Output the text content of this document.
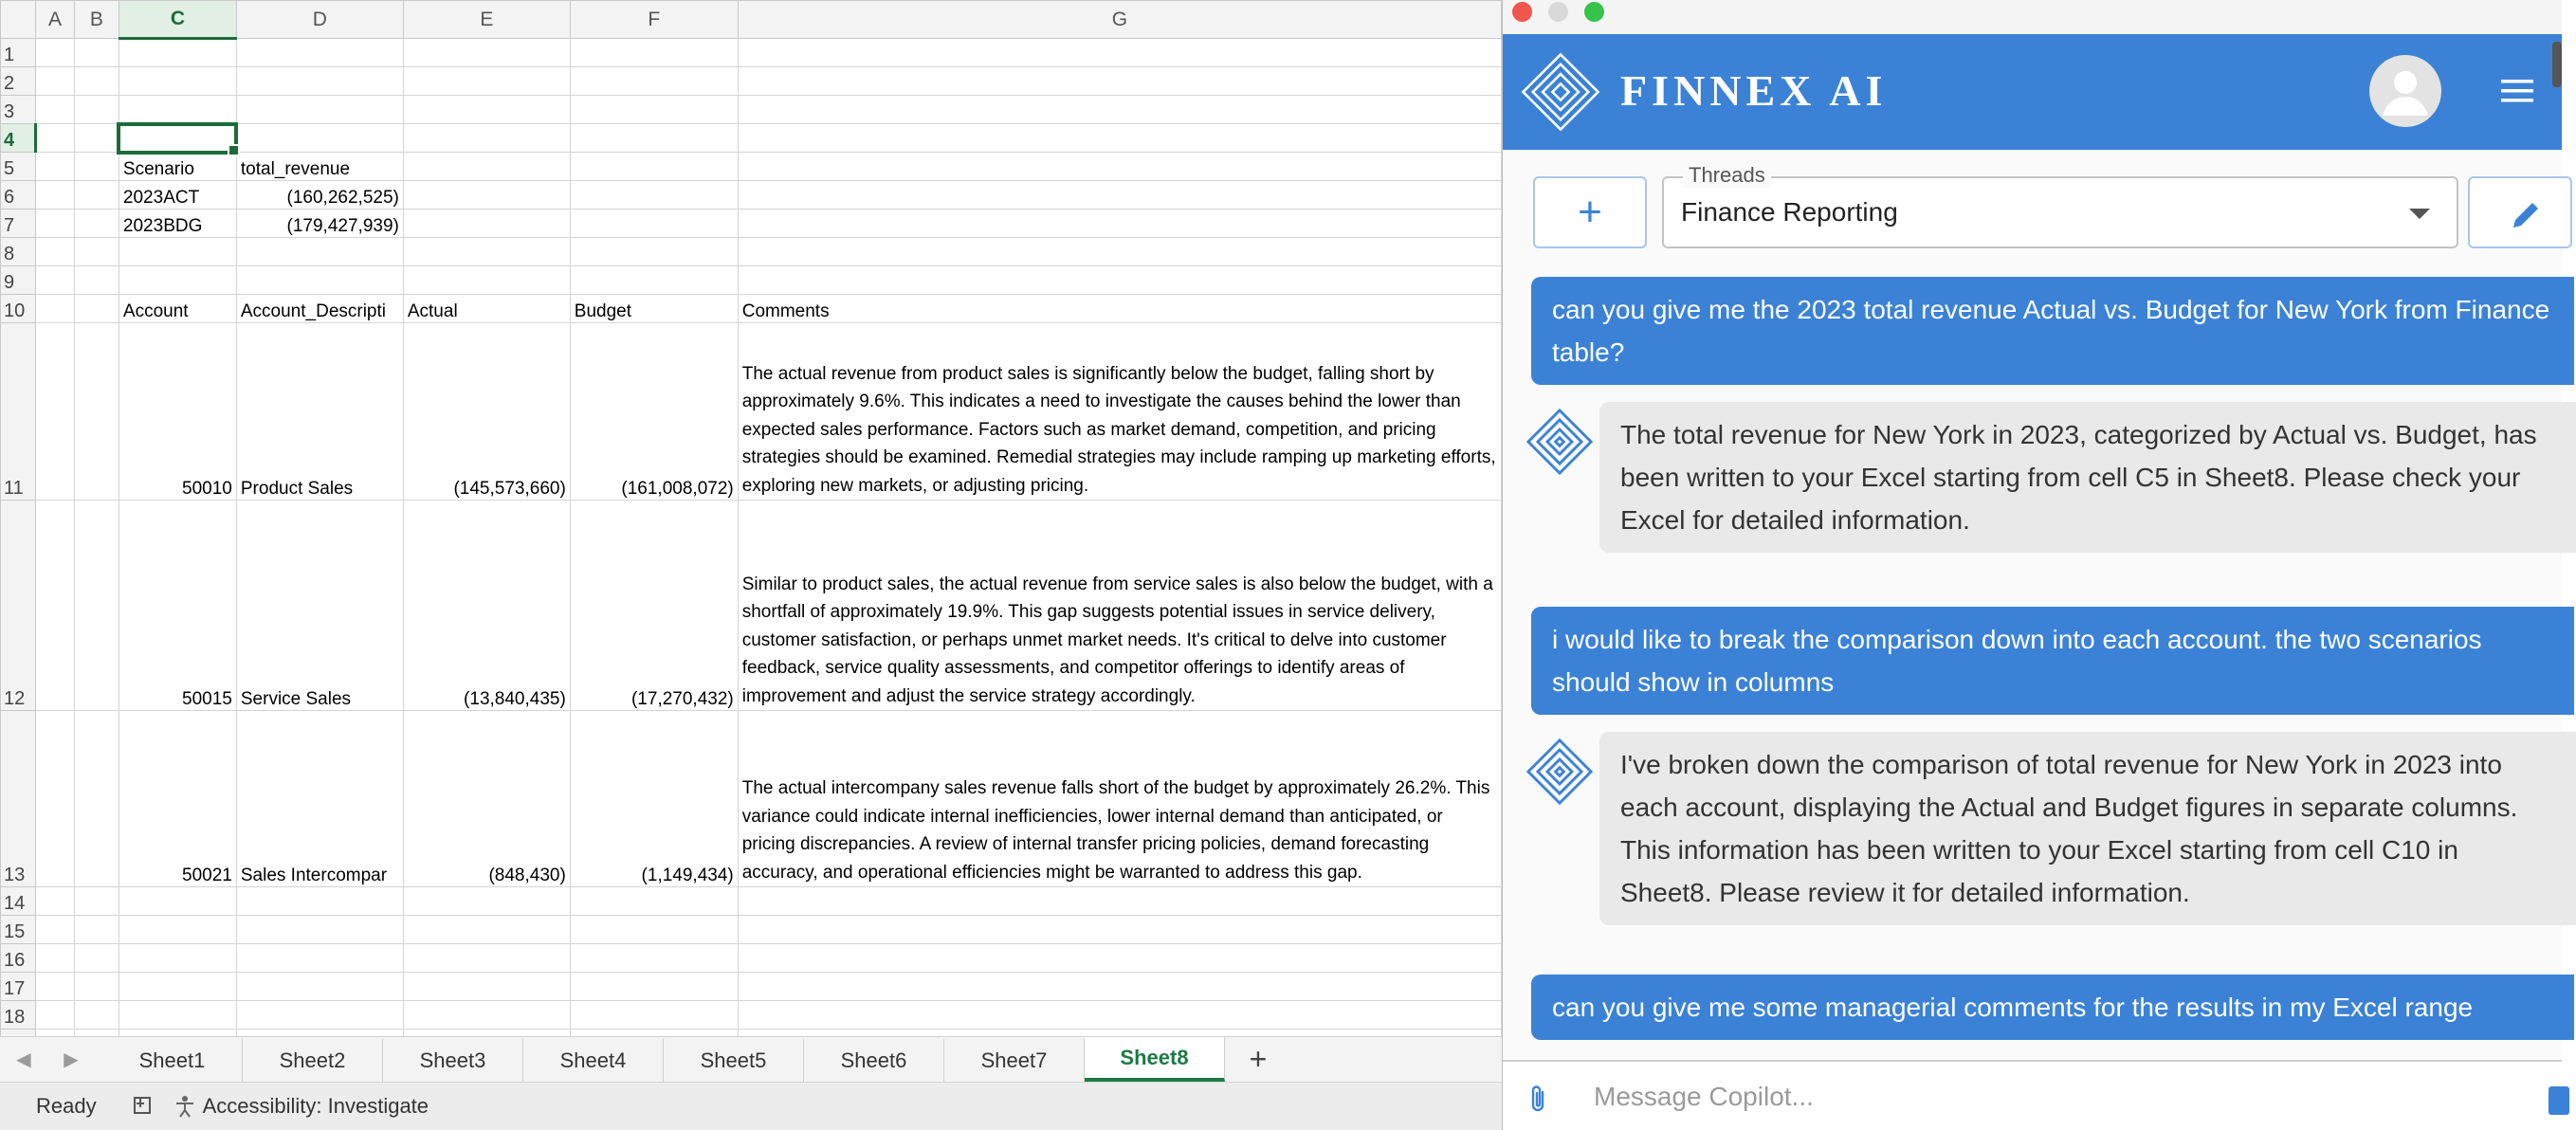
	A	B	C	D	E	F	G
1							
2							
3							
4							
5			Scenario	total_revenue			
6			2023ACT	(160,262,525)			
7			2023BDG	(179,427,939)			
8							
9							
10			Account	Account_Descripti	Actual	Budget	Comments
11			50010	Product Sales	(145,573,660)	(161,008,072)	The actual revenue from product sales is significantly below the budget, falling short by approximately 9.6%. This indicates a need to investigate the causes behind the lower than expected sales performance. Factors such as market demand, competition, and pricing strategies should be examined. Remedial strategies may include ramping up marketing efforts, exploring new markets, or adjusting pricing.
12			50015	Service Sales	(13,840,435)	(17,270,432)	Similar to product sales, the actual revenue from service sales is also below the budget, with a shortfall of approximately 19.9%. This gap suggests potential issues in service delivery, customer satisfaction, or perhaps unmet market needs. It's critical to delve into customer feedback, service quality assessments, and competitor offerings to identify areas of improvement and adjust the service strategy accordingly.
13			50021	Sales Intercompar	(848,430)	(1,149,434)	The actual intercompany sales revenue falls short of the budget by approximately 26.2%. This variance could indicate internal inefficiencies, lower internal demand than anticipated, or pricing discrepancies. A review of internal transfer pricing policies, demand forecasting accuracy, and operational efficiencies might be warranted to address this gap.
14							
15							
16							
17							
18							

◀	▶	Sheet1	Sheet2	Sheet3	Sheet4	Sheet5	Sheet6	Sheet7	Sheet8	+
Ready	Accessibility: Investigate
FINNEX AI
+
Threads
Finance Reporting
can you give me the 2023 total revenue Actual vs. Budget for New York from Finance table?
The total revenue for New York in 2023, categorized by Actual vs. Budget, has been written to your Excel starting from cell C5 in Sheet8. Please check your Excel for detailed information.
i would like to break the comparison down into each account. the two scenarios should show in columns
I've broken down the comparison of total revenue for New York in 2023 into each account, displaying the Actual and Budget figures in separate columns. This information has been written to your Excel starting from cell C10 in Sheet8. Please review it for detailed information.
can you give me some managerial comments for the results in my Excel range
Message Copilot...
